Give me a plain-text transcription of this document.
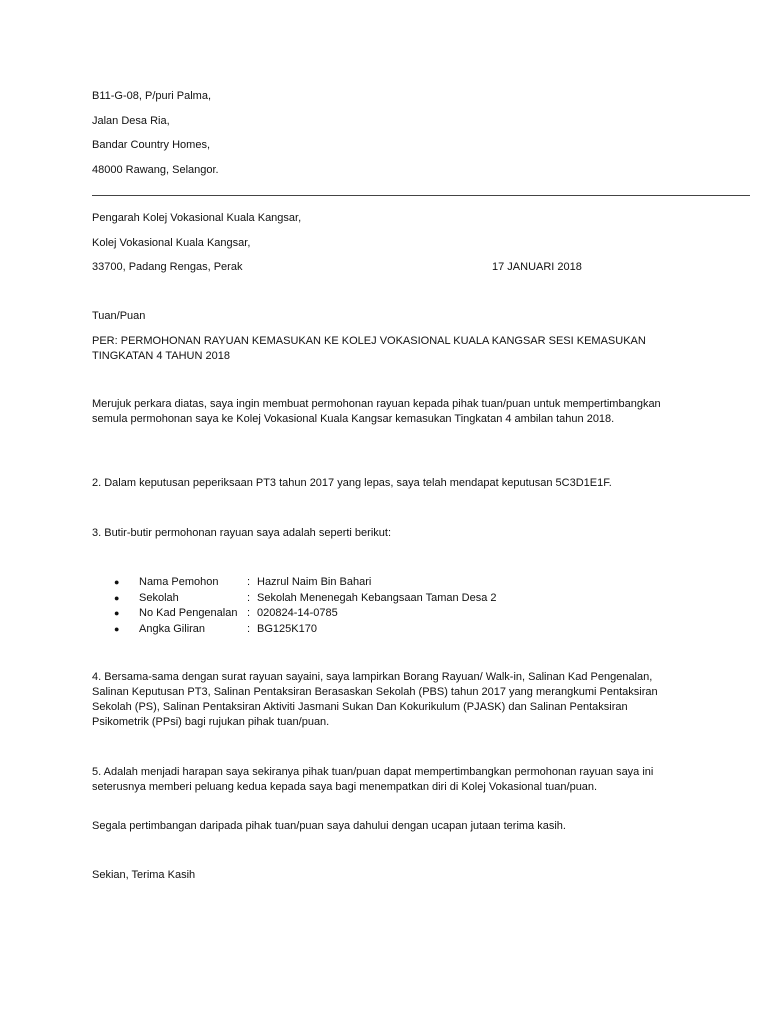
B11-G-08, P/puri Palma,
Jalan Desa Ria,
Bandar Country Homes,
48000 Rawang, Selangor.
Pengarah Kolej Vokasional Kuala Kangsar,
Kolej Vokasional Kuala Kangsar,
33700, Padang Rengas, Perak	17 JANUARI 2018
Tuan/Puan
PER: PERMOHONAN RAYUAN KEMASUKAN KE KOLEJ VOKASIONAL KUALA KANGSAR SESI KEMASUKAN TINGKATAN 4 TAHUN 2018
Merujuk perkara diatas, saya ingin membuat permohonan rayuan kepada pihak tuan/puan untuk mempertimbangkan semula permohonan saya ke Kolej Vokasional Kuala Kangsar kemasukan Tingkatan 4 ambilan tahun 2018.
2. Dalam keputusan peperiksaan PT3 tahun 2017 yang lepas, saya telah mendapat keputusan 5C3D1E1F.
3. Butir-butir permohonan rayuan saya adalah seperti berikut:
●	Nama Pemohon	: Hazrul Naim Bin Bahari
●	Sekolah	: Sekolah Menenegah Kebangsaan Taman Desa 2
●	No Kad Pengenalan : 020824-14-0785
●	Angka Giliran	: BG125K170
4. Bersama-sama dengan surat rayuan sayaini, saya lampirkan Borang Rayuan/ Walk-in, Salinan Kad Pengenalan, Salinan Keputusan PT3, Salinan Pentaksiran Berasaskan Sekolah (PBS) tahun 2017 yang merangkumi Pentaksiran Sekolah (PS), Salinan Pentaksiran Aktiviti Jasmani Sukan Dan Kokurikulum (PJASK) dan Salinan Pentaksiran Psikometrik (PPsi) bagi rujukan pihak tuan/puan.
5. Adalah menjadi harapan saya sekiranya pihak tuan/puan dapat mempertimbangkan permohonan rayuan saya ini seterusnya memberi peluang kedua kepada saya bagi menempatkan diri di Kolej Vokasional tuan/puan.
Segala pertimbangan daripada pihak tuan/puan saya dahului dengan ucapan jutaan terima kasih.
Sekian, Terima Kasih
